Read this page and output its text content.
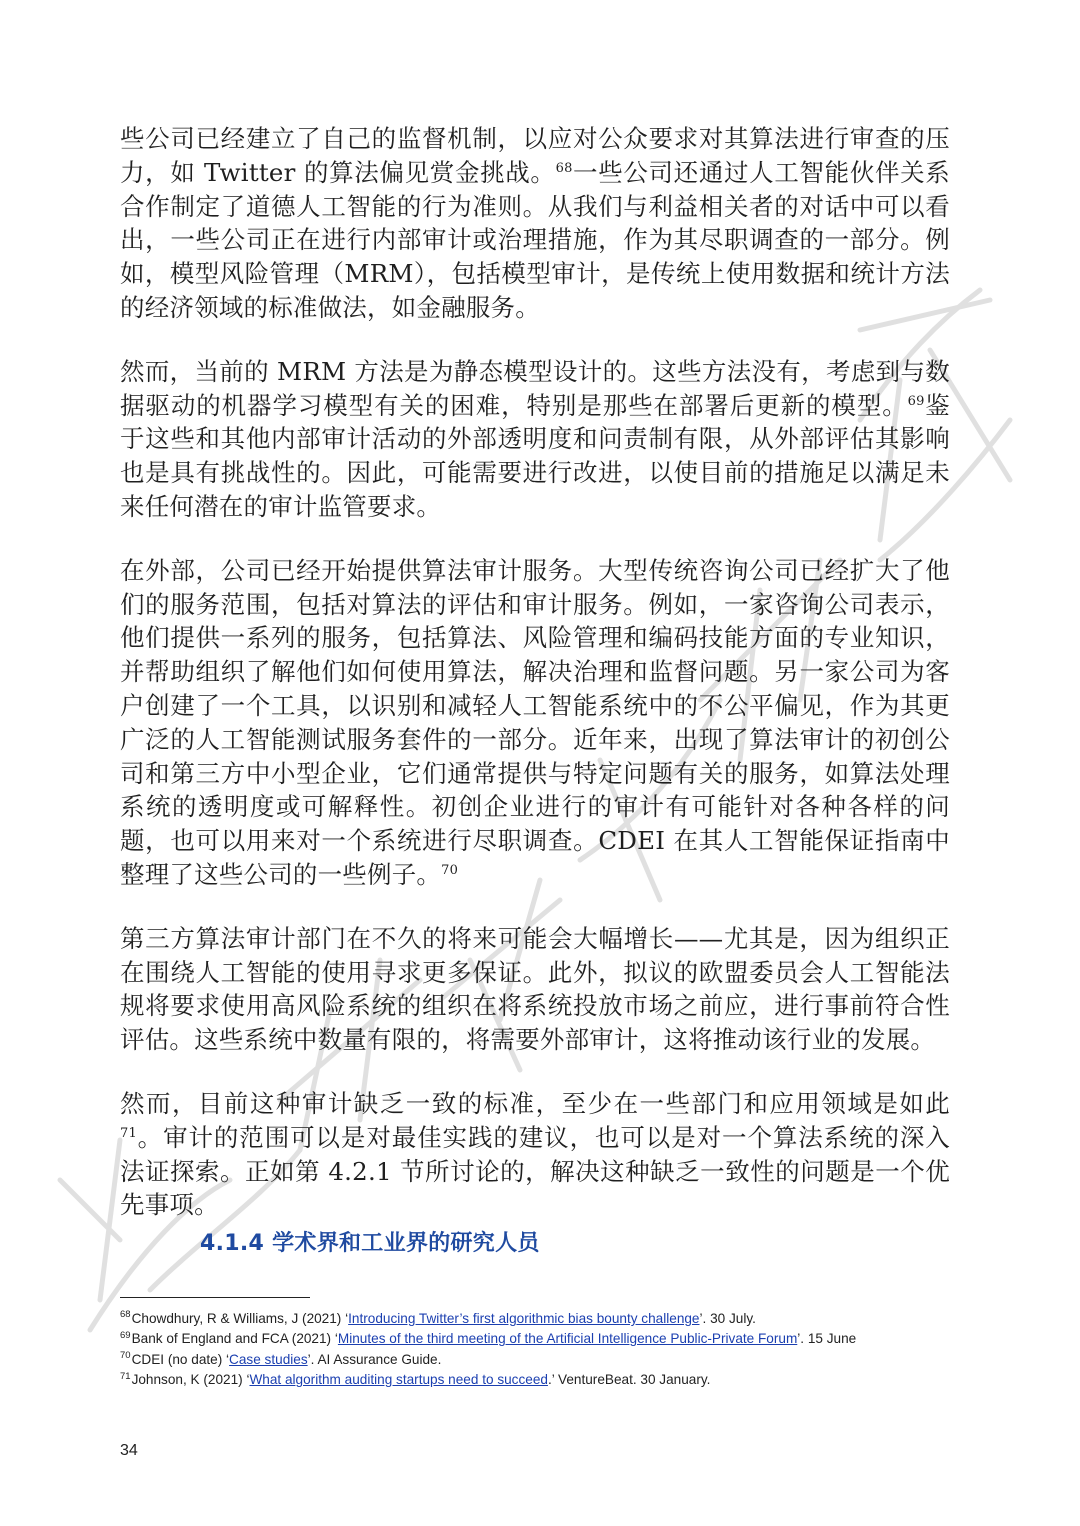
些公司已经建立了自己的监督机制，以应对公众要求对其算法进行审查的压力，如 Twitter 的算法偏见赏金挑战。$^{68}$一些公司还通过人工智能伙伴关系合作制定了道德人工智能的行为准则。从我们与利益相关者的对话中可以看出，一些公司正在进行内部审计或治理措施，作为其尽职调查的一部分。例如，模型风险管理（MRM），包括模型审计，是传统上使用数据和统计方法的经济领域的标准做法，如金融服务。

然而，当前的 MRM 方法是为静态模型设计的。这些方法没有，考虑到与数据驱动的机器学习模型有关的困难，特别是那些在部署后更新的模型。$^{69}$鉴于这些和其他内部审计活动的外部透明度和问责制有限，从外部评估其影响也是具有挑战性的。因此，可能需要进行改进，以使目前的措施足以满足未来任何潜在的审计监管要求。

在外部，公司已经开始提供算法审计服务。大型传统咨询公司已经扩大了他们的服务范围，包括对算法的评估和审计服务。例如，一家咨询公司表示，他们提供一系列的服务，包括算法、风险管理和编码技能方面的专业知识，并帮助组织了解他们如何使用算法，解决治理和监督问题。另一家公司为客户创建了一个工具，以识别和减轻人工智能系统中的不公平偏见，作为其更广泛的人工智能测试服务套件的一部分。近年来，出现了算法审计的初创公司和第三方中小型企业，它们通常提供与特定问题有关的服务，如算法处理系统的透明度或可解释性。初创企业进行的审计有可能针对各种各样的问题，也可以用来对一个系统进行尽职调查。CDEI 在其人工智能保证指南中整理了这些公司的一些例子。$^{70}$

第三方算法审计部门在不久的将来可能会大幅增长——尤其是，因为组织正在围绕人工智能的使用寻求更多保证。此外，拟议的欧盟委员会人工智能法规将要求使用高风险系统的组织在将系统投放市场之前应，进行事前符合性评估。这些系统中数量有限的，将需要外部审计，这将推动该行业的发展。

然而，目前这种审计缺乏一致的标准，至少在一些部门和应用领域是如此$^{71}$。审计的范围可以是对最佳实践的建议，也可以是对一个算法系统的深入法证探索。正如第 4.2.1 节所讨论的，解决这种缺乏一致性的问题是一个优先事项。

4.1.4 学术界和工业界的研究人员
$^{68}$Chowdhury, R & Williams, J (2021) ‘Introducing Twitter’s first algorithmic bias bounty challenge’. 30 July.
$^{69}$Bank of England and FCA (2021) ‘Minutes of the third meeting of the Artificial Intelligence Public-Private Forum’. 15 June
$^{70}$CDEI (no date) ‘Case studies’. AI Assurance Guide.
$^{71}$Johnson, K (2021) ‘What algorithm auditing startups need to succeed.’ VentureBeat. 30 January.
34
